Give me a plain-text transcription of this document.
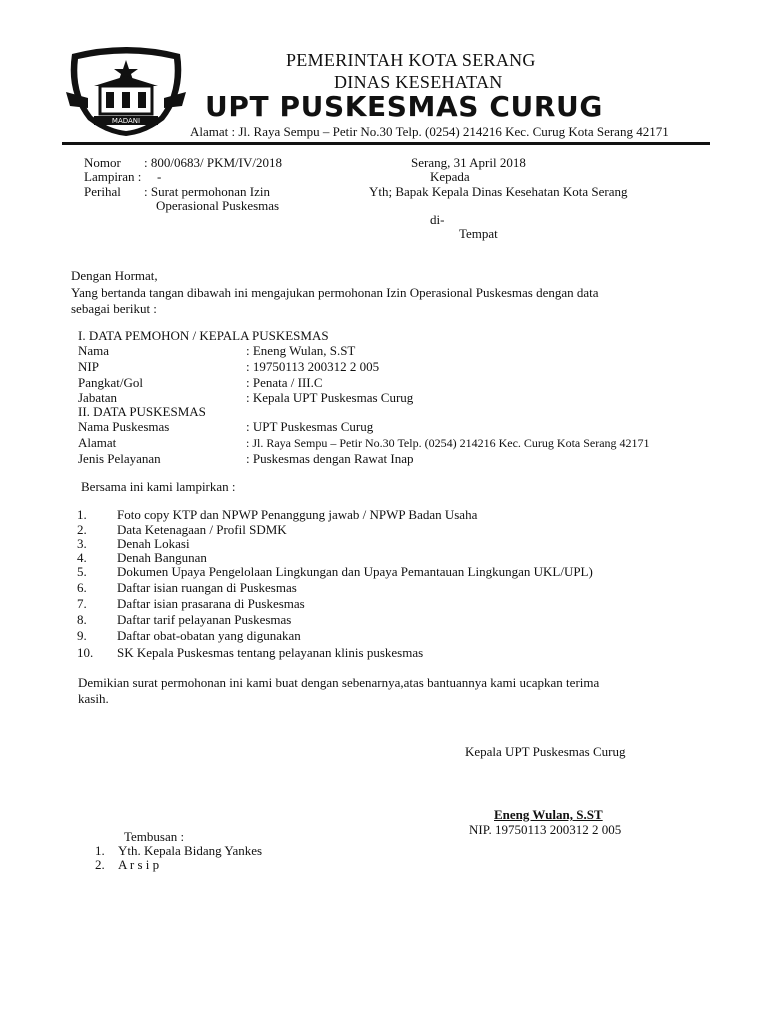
MADANI
PEMERINTAH KOTA SERANG
DINAS KESEHATAN
UPT PUSKESMAS CURUG
Alamat : Jl. Raya Sempu – Petir No.30 Telp. (0254) 214216 Kec. Curug Kota Serang 42171
Nomor : 800/0683/ PKM/IV/2018
Lampiran : -
Perihal : Surat permohonan Izin
Operasional Puskesmas
Serang, 31 April 2018
Kepada
Yth; Bapak Kepala Dinas Kesehatan Kota Serang
di-
Tempat
Dengan Hormat,
Yang bertanda tangan dibawah ini mengajukan permohonan Izin Operasional Puskesmas dengan data
sebagai berikut :
I. DATA PEMOHON / KEPALA PUSKESMAS
Nama	: Eneng Wulan, S.ST
NIP	: 19750113 200312 2 005
Pangkat/Gol	: Penata / III.C
Jabatan	: Kepala UPT Puskesmas Curug
II. DATA PUSKESMAS
Nama Puskesmas	: UPT Puskesmas Curug
Alamat	: Jl. Raya Sempu – Petir No.30 Telp. (0254) 214216 Kec. Curug Kota Serang 42171
Jenis Pelayanan	: Puskesmas dengan Rawat Inap
Bersama ini kami lampirkan :
1. Foto copy KTP dan NPWP Penanggung jawab / NPWP Badan Usaha
2. Data Ketenagaan / Profil SDMK
3. Denah Lokasi
4. Denah Bangunan
5. Dokumen Upaya Pengelolaan Lingkungan dan Upaya Pemantauan Lingkungan UKL/UPL)
6. Daftar isian ruangan di Puskesmas
7. Daftar isian prasarana di Puskesmas
8. Daftar tarif pelayanan Puskesmas
9. Daftar obat-obatan yang digunakan
10. SK Kepala Puskesmas tentang pelayanan klinis puskesmas
Demikian surat permohonan ini kami buat dengan sebenarnya,atas bantuannya kami ucapkan terima
kasih.
Kepala UPT Puskesmas Curug
Eneng Wulan, S.ST
NIP. 19750113 200312 2 005
Tembusan :
1. Yth. Kepala Bidang Yankes
2. A r s i p
